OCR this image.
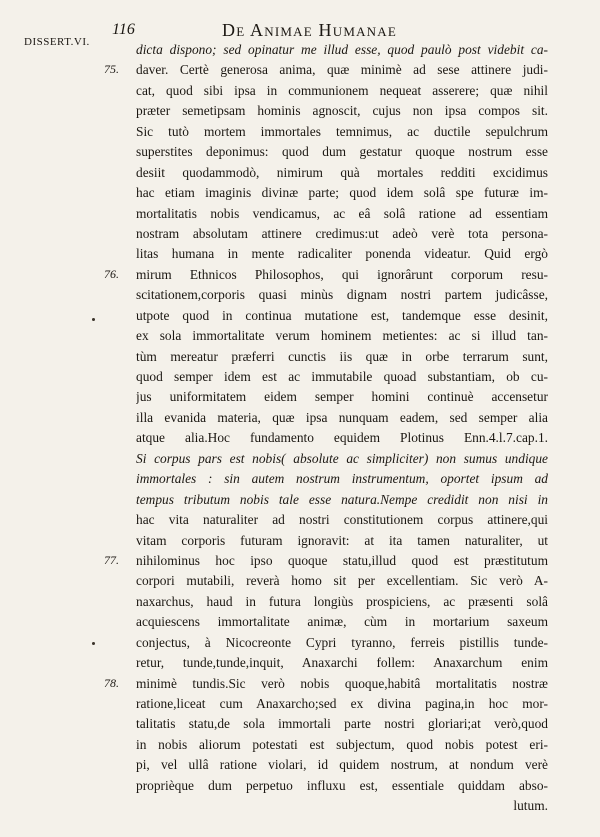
DISSERT.VI.
116	De Animae Humanae
75.
76.
77.
78.
dicta dispono; sed opinatur me illud esse, quod paulò post videbit ca-
daver. Certè generosa anima, quæ minimè ad sese attinere judi-
cat, quod sibi ipsa in communionem nequeat asserere; quæ nihil
præter semetipsam hominis agnoscit, cujus non ipsa compos sit.
Sic tutò mortem immortales temnimus, ac ductile sepulchrum
superstites deponimus: quod dum gestatur quoque nostrum esse
desiit quodammodò, nimirum quà mortales redditi excidimus
hac etiam imaginis divinæ parte; quod idem solâ spe futuræ im-
mortalitatis nobis vendicamus, ac eâ solâ ratione ad essentiam
nostram absolutam attinere credimus:ut adeò verè tota persona-
litas humana in mente radicaliter ponenda videatur. Quid ergò
mirum Ethnicos Philosophos, qui ignorârunt corporum resu-
scitationem,corporis quasi minùs dignam nostri partem judicâsse,
utpote quod in continua mutatione est, tandemque esse desinit,
ex sola immortalitate verum hominem metientes: ac si illud tan-
tùm mereatur præferri cunctis iis quæ in orbe terrarum sunt,
quod semper idem est ac immutabile quoad substantiam, ob cu-
jus uniformitatem eidem semper homini continuè accensetur
illa evanida materia, quæ ipsa nunquam eadem, sed semper alia
atque alia.Hoc fundamento equidem Plotinus Enn.4.l.7.cap.1.
Si corpus pars est nobis( absolute ac simpliciter) non sumus undique
immortales : sin autem nostrum instrumentum, oportet ipsum ad
tempus tributum nobis tale esse natura.Nempe credidit non nisi in
hac vita naturaliter ad nostri constitutionem corpus attinere,qui
vitam corporis futuram ignoravit: at ita tamen naturaliter, ut
nihilominus hoc ipso quoque statu,illud quod est præstitutum
corpori mutabili, reverà homo sit per excellentiam. Sic verò A-
naxarchus, haud in futura longiùs prospiciens, ac præsenti solâ
acquiescens immortalitate animæ, cùm in mortarium saxeum
conjectus, à Nicocreonte Cypri tyranno, ferreis pistillis tunde-
retur, tunde,tunde,inquit, Anaxarchi follem: Anaxarchum enim
minimè tundis.Sic verò nobis quoque,habitâ mortalitatis nostræ
ratione,liceat cum Anaxarcho;sed ex divina pagina,in hoc mor-
talitatis statu,de sola immortali parte nostri gloriari;at verò,quod
in nobis aliorum potestati est subjectum, quod nobis potest eri-
pi, vel ullâ ratione violari, id quidem nostrum, at nondum verè
proprièque dum perpetuo influxu est, essentiale quiddam abso-
lutum.
